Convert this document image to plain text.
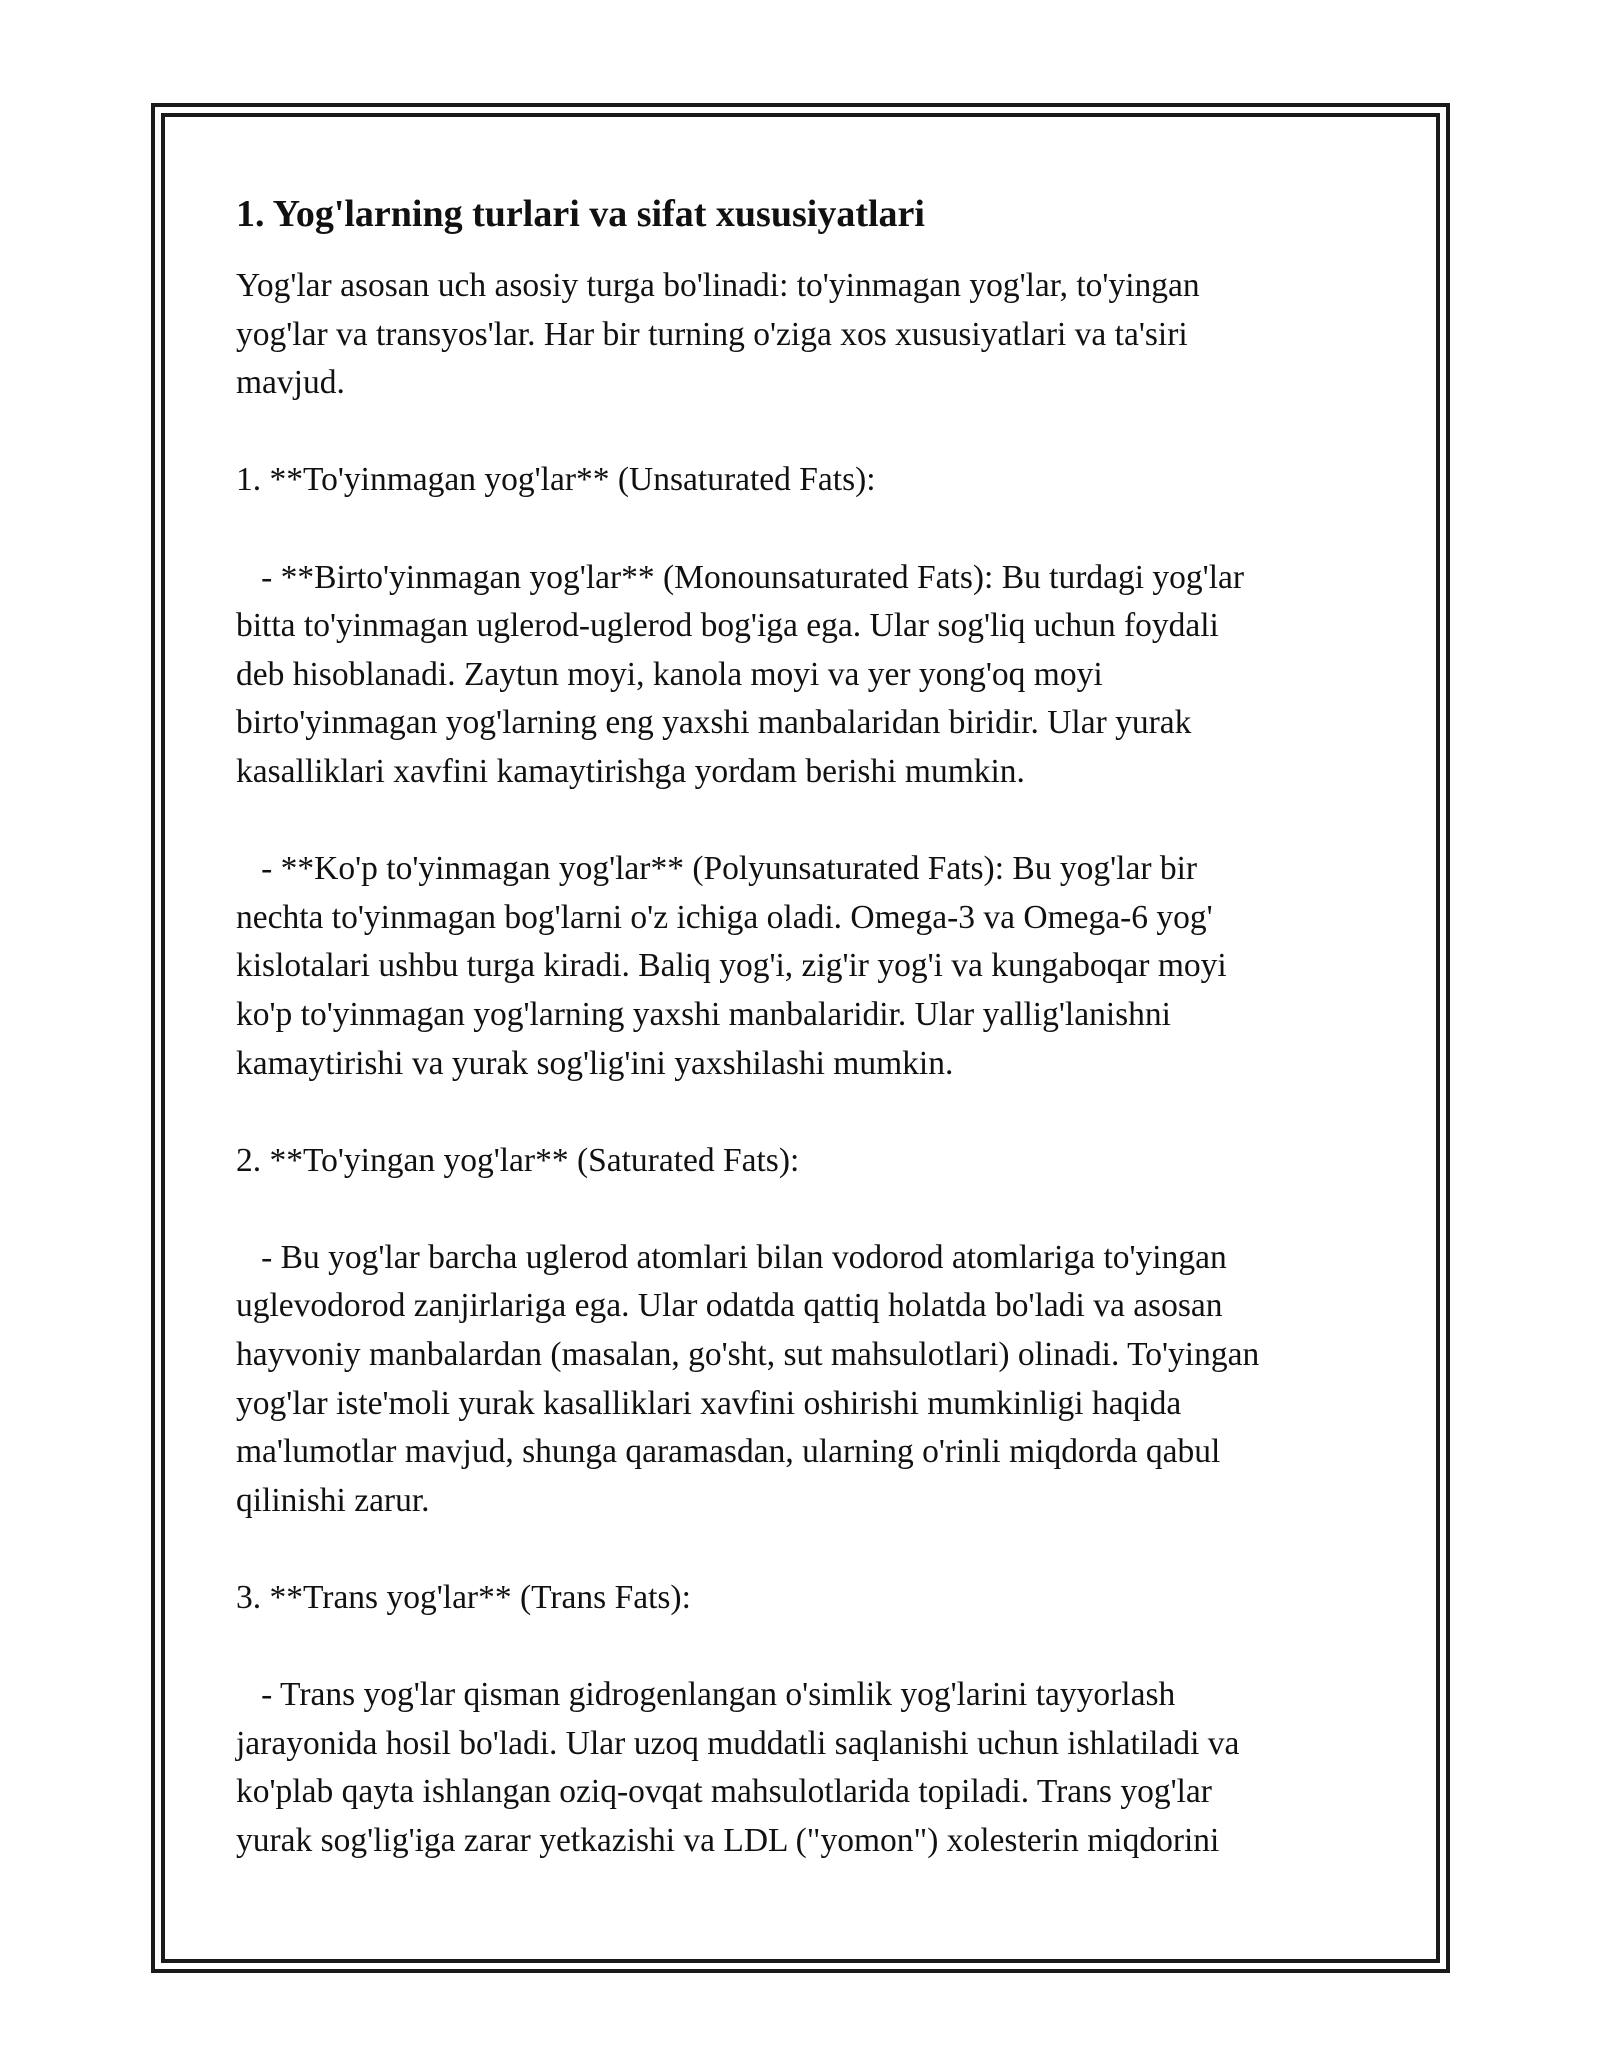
1. Yog'larning turlari va sifat xususiyatlari

Yog'lar asosan uch asosiy turga bo'linadi: to'yinmagan yog'lar, to'yingan
yog'lar va transyos'lar. Har bir turning o'ziga xos xususiyatlari va ta'siri
mavjud.

1. **To'yinmagan yog'lar** (Unsaturated Fats):

- **Birto'yinmagan yog'lar** (Monounsaturated Fats): Bu turdagi yog'lar
bitta to'yinmagan uglerod-uglerod bog'iga ega. Ular sog'liq uchun foydali
deb hisoblanadi. Zaytun moyi, kanola moyi va yer yong'oq moyi
birto'yinmagan yog'larning eng yaxshi manbalaridan biridir. Ular yurak
kasalliklari xavfini kamaytirishga yordam berishi mumkin.

- **Ko'p to'yinmagan yog'lar** (Polyunsaturated Fats): Bu yog'lar bir
nechta to'yinmagan bog'larni o'z ichiga oladi. Omega-3 va Omega-6 yog'
kislotalari ushbu turga kiradi. Baliq yog'i, zig'ir yog'i va kungaboqar moyi
ko'p to'yinmagan yog'larning yaxshi manbalaridir. Ular yallig'lanishni
kamaytirishi va yurak sog'lig'ini yaxshilashi mumkin.

2. **To'yingan yog'lar** (Saturated Fats):

- Bu yog'lar barcha uglerod atomlari bilan vodorod atomlariga to'yingan
uglevodorod zanjirlariga ega. Ular odatda qattiq holatda bo'ladi va asosan
hayvoniy manbalardan (masalan, go'sht, sut mahsulotlari) olinadi. To'yingan
yog'lar iste'moli yurak kasalliklari xavfini oshirishi mumkinligi haqida
ma'lumotlar mavjud, shunga qaramasdan, ularning o'rinli miqdorda qabul
qilinishi zarur.

3. **Trans yog'lar** (Trans Fats):

- Trans yog'lar qisman gidrogenlangan o'simlik yog'larini tayyorlash
jarayonida hosil bo'ladi. Ular uzoq muddatli saqlanishi uchun ishlatiladi va
ko'plab qayta ishlangan oziq-ovqat mahsulotlarida topiladi. Trans yog'lar
yurak sog'lig'iga zarar yetkazishi va LDL ("yomon") xolesterin miqdorini
